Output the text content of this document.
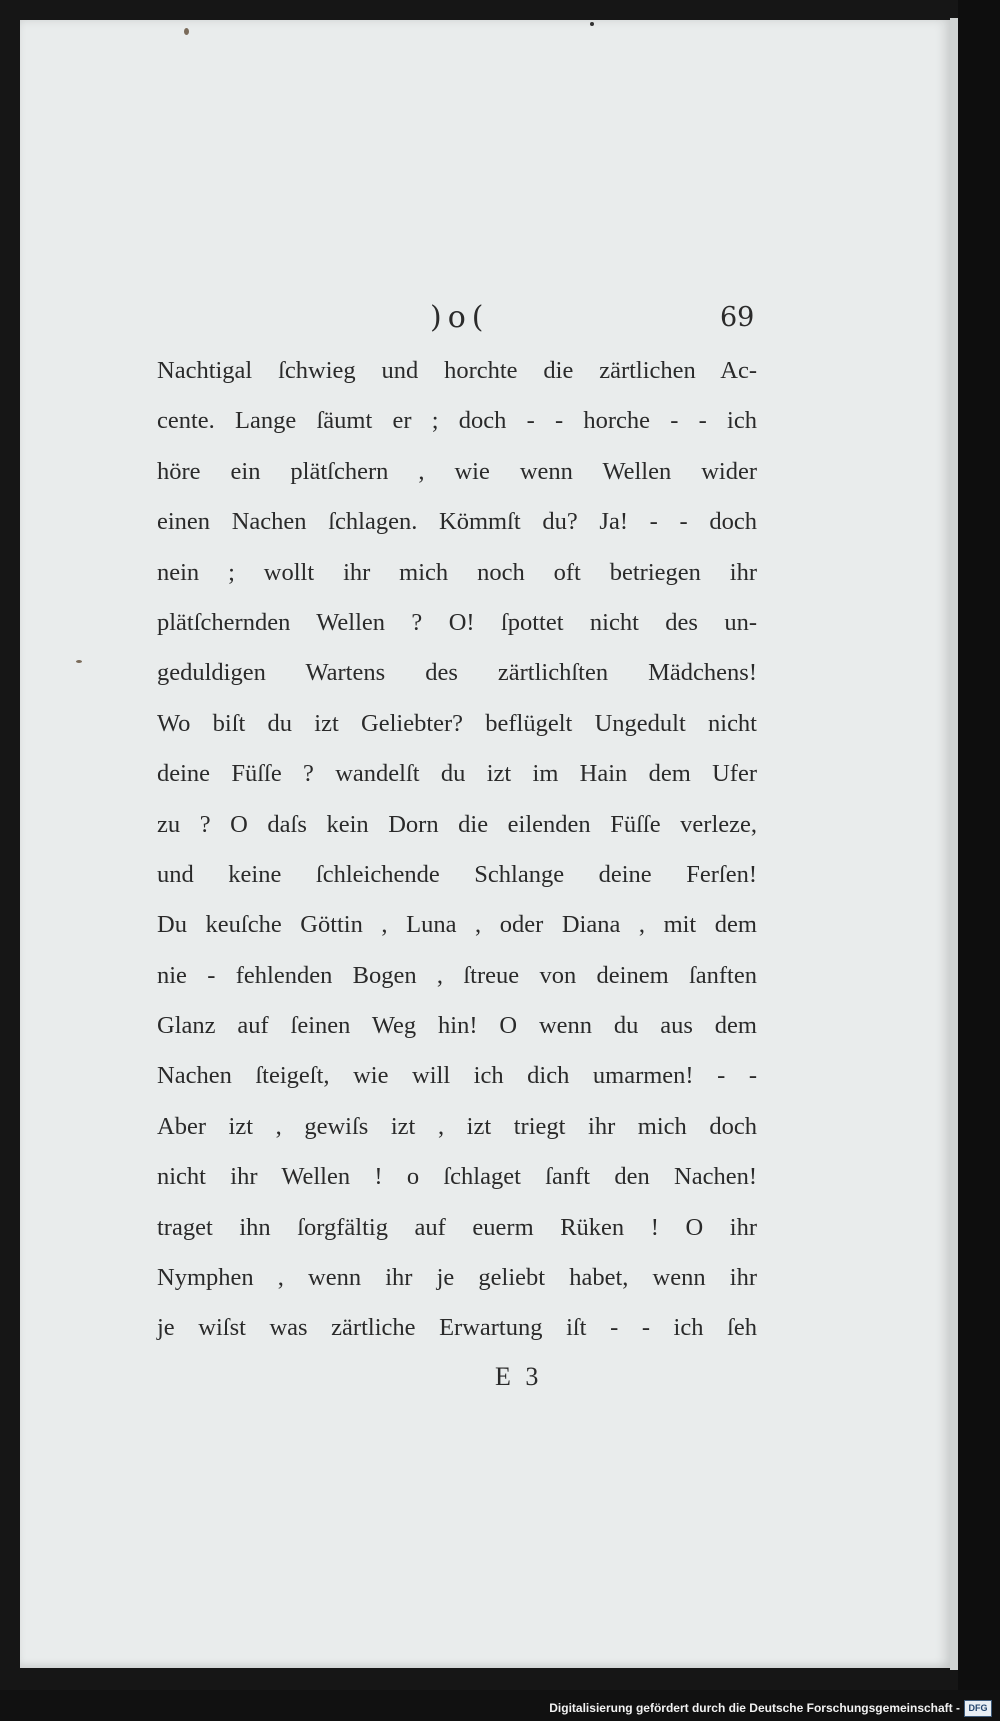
)o(	69
Nachtigal ſchwieg und horchte die zärtlichen Ac-
cente. Lange ſäumt er ; doch - - horche - - ich
höre ein plätſchern , wie wenn Wellen wider
einen Nachen ſchlagen. Kömmſt du? Ja! - - doch
nein ; wollt ihr mich noch oft betriegen ihr
plätſchernden Wellen ? O! ſpottet nicht des un-
geduldigen Wartens des zärtlichſten Mädchens!
Wo biſt du izt Geliebter? beflügelt Ungedult nicht
deine Füſſe ? wandelſt du izt im Hain dem Ufer
zu ? O daſs kein Dorn die eilenden Füſſe verleze,
und keine ſchleichende Schlange deine Ferſen!
Du keuſche Göttin , Luna , oder Diana , mit dem
nie - fehlenden Bogen , ſtreue von deinem ſanften
Glanz auf ſeinen Weg hin! O wenn du aus dem
Nachen ſteigeſt, wie will ich dich umarmen! - -
Aber izt , gewiſs izt , izt triegt ihr mich doch
nicht ihr Wellen ! o ſchlaget ſanft den Nachen!
traget ihn ſorgfältig auf euerm Rüken ! O ihr
Nymphen , wenn ihr je geliebt habet, wenn ihr
je wiſst was zärtliche Erwartung iſt - - ich ſeh
E 3
Digitalisierung gefördert durch die Deutsche Forschungsgemeinschaft - DFG
